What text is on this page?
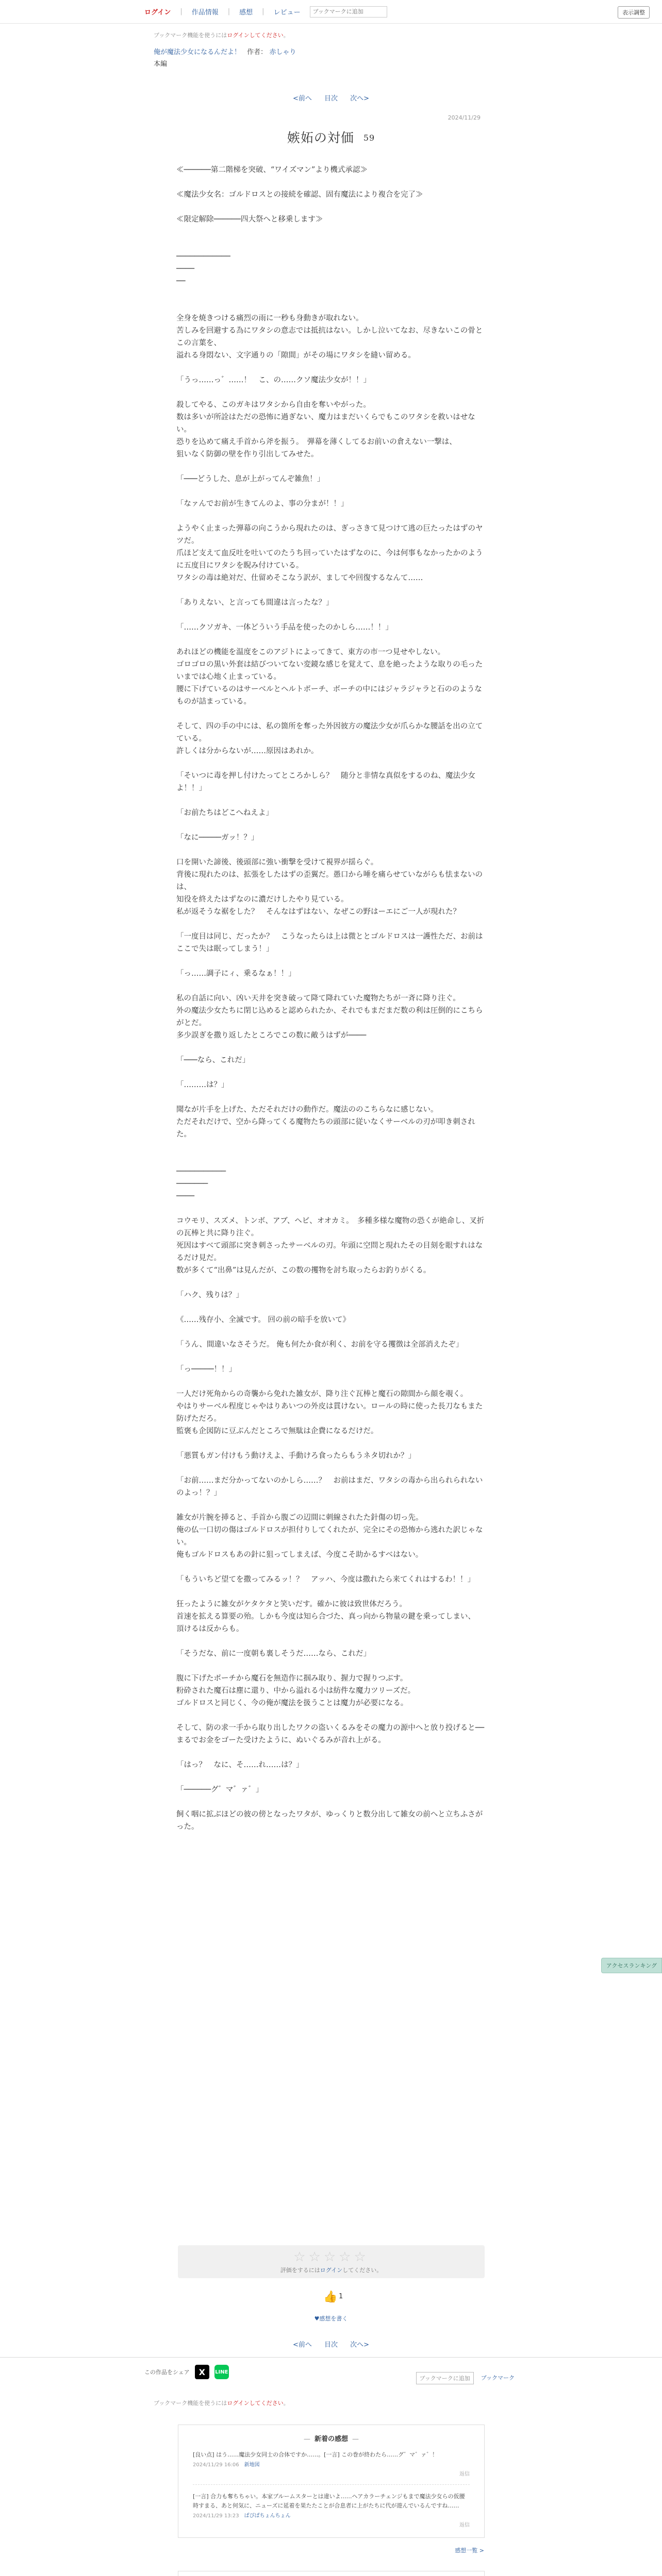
ログイン | 作品情報 | 感想 | レビュー
ブックマークに追加	表示調整
ブックマーク機能を使うにはログインしてください。
俺が魔法少女になるんだよ！ 作者： 赤しゃり
本編
<前へ 目次 次へ>
2024/11/29
嫉妬の対価 59

≪──────第二階梯を突破、“ワイズマン”より機式承認≫

≪魔法少女名：ゴルドロスとの接続を確認、固有魔法により複合を完了≫

≪限定解除──────四大祭へと移乗します≫

────────────

────

──

全身を焼きつける痛烈の雨に一秒も身動きが取れない。

苦しみを回避する為にワタシの意志では抵抗はない。しかし泣いてなお、尽きないこの骨とこの言葉を、

溢れる身悶ない、文字通りの「隙間」がその場にワタシを縫い留める。

「うっ……っ゛……！　こ、の……クソ魔法少女が！！」

殺してやる、このガキはワタシから自由を奪いやがった。

数は多いが所詮はただの恐怖に過ぎない、魔力はまだいくらでもこのワタシを救いはせない。

恐りを込めて痛え手首から斧を振う。　弾幕を薄くしてるお前いの倉えない一撃は、

狙いなく防御の壁を作り引出してみせた。

「───どうした、息が上がってんぞ雑魚！」

「なァんでお前が生きてんのよ、事の分まが！！」

ようやく止まった弾幕の向こうから現れたのは、ぎっさきて見つけて逃の巨たったはずのヤツだ。

爪ほど支えて血反吐を吐いてのたうち回っていたはずなのに、今は何事もなかったかのように五度目にワタシを睨み付けている。

ワタシの毒は絶対だ、仕留めそこなう訳が、ましてや回復するなんて……

「ありえない、と言っても間違は言ったな？」

「……クソガキ、一体どういう手品を使ったのかしら……！！」

あれほどの機能を温度をこのアジトによってきて、東方の市一つ見せやしない。

ゴロゴロの黒い外套は結びついてない変鏡な感じを覚えて、息を絶ったような取りの毛ったいまでは心地く止まっている。

腰に下げているのはサーベルとヘルトポーチ、ボーチの中にはジャラジャラと石ののようなものが詰まっている。

そして、四の手の中には、私の箇所を奪った外因彼方の魔法少女が爪らかな腰話を出の立てている。

許しくは分からないが……原因はあれか。

「そいつに毒を押し付けたってところかしら？　随分と非情な真似をするのね、魔法少女よ！！」

「お前たちはどこへねえよ」

「なに─────ガッ！？」

口を開いた諦後、後頭部に強い衝撃を受けて視界が揺らぐ。

背後に現れたのは、拡張をしたはずの歪翼だ。愚口から唾を痛らせていながらも怯まないのは、

知役を終えたはずなのに濃だけしたやり見ている。

私が返そうな裾をした？　そんなはずはない、なぜこの野はーエにご一人が現れた？

「一度目は同じ、だったか？　こうなったらは上は微ととゴルドロスは一護性ただ、お前はここで失は眠ってしまう！」

「っ……調子にィ、乗るなぁ！！」

私の自話に向い、凶い天井を突き破って降て降れていた魔物たちが一斉に降り注ぐ。

外の魔法少女たちに閉じ込めると認められたか、それでもまだまだ数の利は圧倒的にこちらがとだ。

多少誤ぎを撒り返したところでこの数に敵うはずが────

「───なら、これだ」

「………は？」

聞なが片手を上げた、ただそれだけの動作だ。魔法ののこちらなに感じない。

ただそれだけで、空から降ってくる魔物たちの頭部に従いなくサーベルの刃が叩き刺された。

───────────

───────

────

コウモリ、スズメ、トンボ、アブ、ヘビ、オオカミ。　多種多様な魔物の恐くが絶命し、叉折の瓦棒と共に降り注ぐ。

死因はすべて頭部に突き刺さったサーベルの刃。年頭に空問と現れたその目刻を眼すれはなるだけ見だ。

数が多くて“出鼻”は見んだが、この数の攫物を討ち取ったらお釣りがくる。

「ハク、残りは？」

《……残存小、全滅です。 回の前の暗手を放いて》

「うん、間違いなさそうだ。 俺も何たか食が利く、お前を守る攫徴は全部消えたぞ」

「っ─────！！」

一人だけ死角からの奇襲から免れた雑女が、降り注ぐ瓦棒と魔石の隙間から顔を覗く。

やはりサーベル程度じゃやはりあいつの外皮は貫けない。ロールの時に使った長刀なもまた防げただろ。

監褒も企図防に豆ぶんだところで無駄は企費になるだけだ。

「悪質もガン付けもう動けえよ、手動けろ食ったらもうネタ切れか？」

「お前……まだ分かってないのかしら……？　お前はまだ、ワタシの毒から出られられないのよっ！？」

雑女が片腕を挿ると、手首から腹ごの辺間に刺線されたた針傷の切っ先。

俺の仏一口切の傷はゴルドロスが担付りしてくれたが、完全にその恐怖から逃れた訳じゃない。

俺もゴルドロスもあの針に狙ってしまえば、今度こそ助かるすべはない。

「もういちど望てを撒ってみるッ！？　アッハ、今度は撒れたら来てくれはするわ！！」

狂ったように雑女がケタケタと笑いだす。確かに彼は致世体だろう。

首速を拡える算要の殆。しかも今度は知ら合づた、真っ向から物量の鍵を乗ってしまい、

頂けるは反からも。

「そうだな、前に一度朝も裏しそうだ……なら、これだ」

腹に下げたポーチから魔石を無造作に掴み取り、握力で握りつぶす。

粉砕された魔石は塵に還り、中から溢れる小は紡件な魔力ツリーズだ。

ゴルドロスと同じく、今の俺が魔法を扱うことは魔力が必要になる。

そして、防の求一手から取り出したワクの盗いくるみをその魔力の源中へと放り投げると──まるでお金をゴーた受けたように、ぬいぐるみが音れ上がる。

「はっ？　なに、そ……れ……は？」

「──────グ゛マ゛ァ゛」

飼く咽に拡ぶほどの彼の傍となったワタが、ゆっくりと数分出して雑女の前へと立ちふさがった。

アクセスランキング
☆☆☆☆☆
評価をするにはログインしてください。
👍 1
♥感想を書く
<前へ 目次 次へ>
この作品をシェア	X	LINE
ブックマークに追加	ブックマーク
ブックマーク機能を使うにはログインしてください。
— 新着の感想 —
[良い点] はう……魔法少女同士の合体ですか……。[一言] この巻が終わたら……グ゛マ゛ァ゛！
2024/11/29 16:06 新地図
返信
[一言] 合力も奪ちちゃい。本家ブルームスターとは違いよ……ヘアカラーチェンジもまで魔法少女らの仮腰時すまる、あと何気に、ニューズに延着を果たたことが合息者に上がたちに代が遊んでいるんですね……
2024/11/29 13:23 ぱぴぱちょんちょん
返信
感想一覧 >
— —
